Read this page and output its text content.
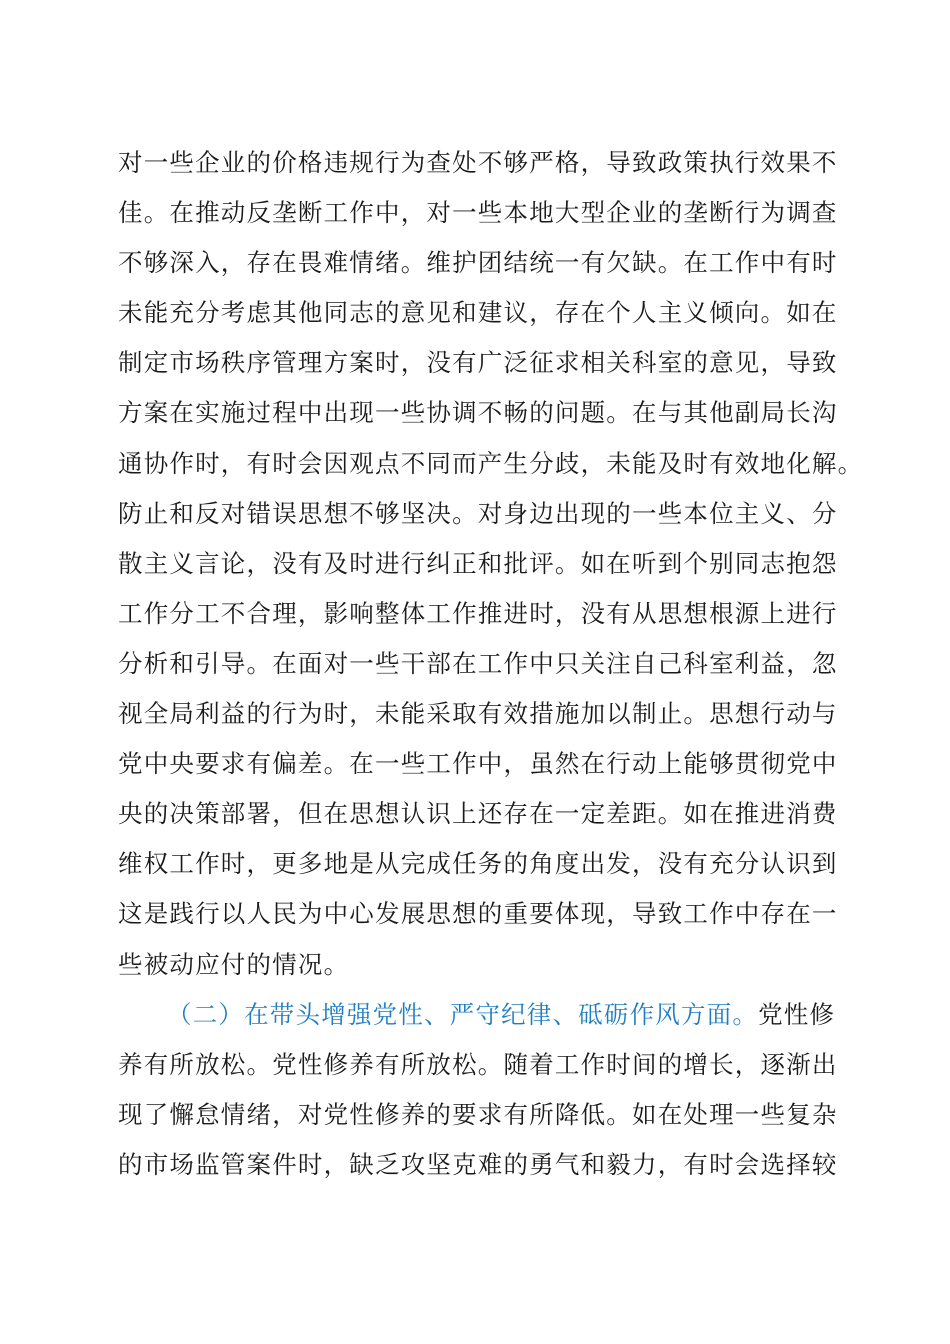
对一些企业的价格违规行为查处不够严格，导致政策执行效果不
佳。在推动反垄断工作中，对一些本地大型企业的垄断行为调查
不够深入，存在畏难情绪。维护团结统一有欠缺。在工作中有时
未能充分考虑其他同志的意见和建议，存在个人主义倾向。如在
制定市场秩序管理方案时，没有广泛征求相关科室的意见，导致
方案在实施过程中出现一些协调不畅的问题。在与其他副局长沟
通协作时，有时会因观点不同而产生分歧，未能及时有效地化解。
防止和反对错误思想不够坚决。对身边出现的一些本位主义、分
散主义言论，没有及时进行纠正和批评。如在听到个别同志抱怨
工作分工不合理，影响整体工作推进时，没有从思想根源上进行
分析和引导。在面对一些干部在工作中只关注自己科室利益，忽
视全局利益的行为时，未能采取有效措施加以制止。思想行动与
党中央要求有偏差。在一些工作中，虽然在行动上能够贯彻党中
央的决策部署，但在思想认识上还存在一定差距。如在推进消费
维权工作时，更多地是从完成任务的角度出发，没有充分认识到
这是践行以人民为中心发展思想的重要体现，导致工作中存在一
些被动应付的情况。
（二）在带头增强党性、严守纪律、砥砺作风方面。党性修
养有所放松。党性修养有所放松。随着工作时间的增长，逐渐出
现了懈怠情绪，对党性修养的要求有所降低。如在处理一些复杂
的市场监管案件时，缺乏攻坚克难的勇气和毅力，有时会选择较
